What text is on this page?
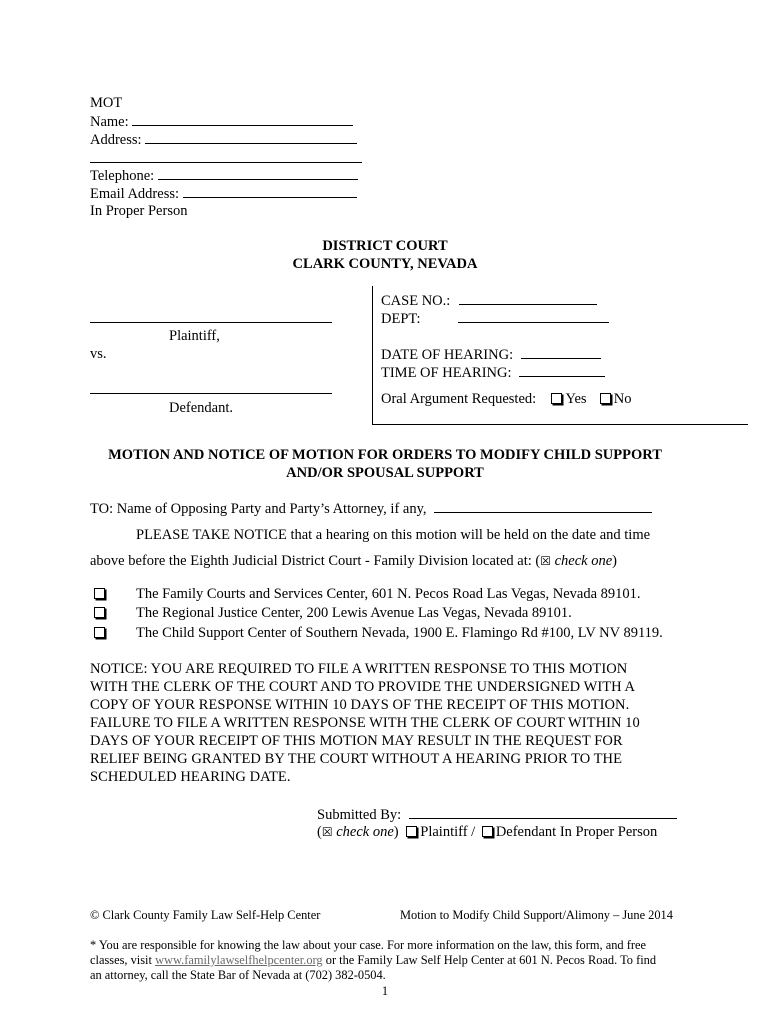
MOT
Name:
Address:
Telephone:
Email Address:
In Proper Person
DISTRICT COURT
CLARK COUNTY, NEVADA
Plaintiff,
vs.
Defendant.
CASE NO.:
DEPT:
DATE OF HEARING:
TIME OF HEARING:
Oral Argument Requested: Yes No
MOTION AND NOTICE OF MOTION FOR ORDERS TO MODIFY CHILD SUPPORT
AND/OR SPOUSAL SUPPORT
TO: Name of Opposing Party and Party’s Attorney, if any,
PLEASE TAKE NOTICE that a hearing on this motion will be held on the date and time
above before the Eighth Judicial District Court - Family Division located at: (☒ check one)
The Family Courts and Services Center, 601 N. Pecos Road Las Vegas, Nevada 89101.
The Regional Justice Center, 200 Lewis Avenue Las Vegas, Nevada 89101.
The Child Support Center of Southern Nevada, 1900 E. Flamingo Rd #100, LV NV 89119.
NOTICE: YOU ARE REQUIRED TO FILE A WRITTEN RESPONSE TO THIS MOTION
WITH THE CLERK OF THE COURT AND TO PROVIDE THE UNDERSIGNED WITH A
COPY OF YOUR RESPONSE WITHIN 10 DAYS OF THE RECEIPT OF THIS MOTION.
FAILURE TO FILE A WRITTEN RESPONSE WITH THE CLERK OF COURT WITHIN 10
DAYS OF YOUR RECEIPT OF THIS MOTION MAY RESULT IN THE REQUEST FOR
RELIEF BEING GRANTED BY THE COURT WITHOUT A HEARING PRIOR TO THE
SCHEDULED HEARING DATE.
Submitted By:
(☒ check one) Plaintiff / Defendant In Proper Person
© Clark County Family Law Self-Help Center	Motion to Modify Child Support/Alimony – June 2014
* You are responsible for knowing the law about your case. For more information on the law, this form, and free
classes, visit www.familylawselfhelpcenter.org or the Family Law Self Help Center at 601 N. Pecos Road. To find
an attorney, call the State Bar of Nevada at (702) 382-0504.
1
